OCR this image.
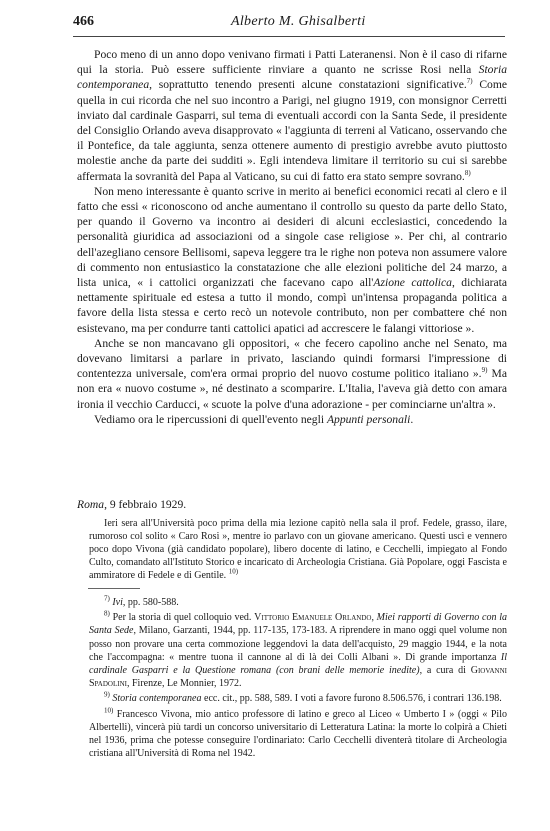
466	Alberto M. Ghisalberti

Poco meno di un anno dopo venivano firmati i Patti Lateranensi. Non è il caso di rifarne qui la storia. Può essere sufficiente rinviare a quanto ne scrisse Rosi nella Storia contemporanea, soprattutto tenendo presenti alcune constatazioni significative.$^{7)}$ Come quella in cui ricorda che nel suo incontro a Parigi, nel giugno 1919, con monsignor Cerretti inviato dal cardinale Gasparri, sul tema di eventuali accordi con la Santa Sede, il presidente del Consiglio Orlando aveva disapprovato « l'aggiunta di terreni al Vaticano, osservando che il Pontefice, da tale aggiunta, senza ottenere aumento di prestigio avrebbe avuto piuttosto molestie anche da parte dei sudditi ». Egli intendeva limitare il territorio su cui si sarebbe affermata la sovranità del Papa al Vaticano, su cui di fatto era stato sempre sovrano.$^{8)}$

Non meno interessante è quanto scrive in merito ai benefici economici recati al clero e il fatto che essi « riconoscono od anche aumentano il controllo su questo da parte dello Stato, per quando il Governo va incontro ai desideri di alcuni ecclesiastici, concedendo la personalità giuridica ad associazioni od a singole case religiose ». Per chi, al contrario dell'azegliano censore Bellisomi, sapeva leggere tra le righe non poteva non assumere valore di commento non entusiastico la constatazione che alle elezioni politiche del 24 marzo, a lista unica, « i cattolici organizzati che facevano capo all'Azione cattolica, dichiarata nettamente spirituale ed estesa a tutto il mondo, compì un'intensa propaganda politica a favore della lista stessa e certo recò un notevole contributo, non per combattere ché non esistevano, ma per condurre tanti cattolici apatici ad accrescere le falangi vittoriose ».

Anche se non mancavano gli oppositori, « che fecero capolino anche nel Senato, ma dovevano limitarsi a parlare in privato, lasciando quindi formarsi l'impressione di contentezza universale, com'era ormai proprio del nuovo costume politico italiano ».$^{9)}$ Ma non era « nuovo costume », né destinato a scomparire. L'Italia, l'aveva già detto con amara ironia il vecchio Carducci, « scuote la polve d'una adorazione - per cominciarne un'altra ».

Vediamo ora le ripercussioni di quell'evento negli Appunti personali.

Roma, 9 febbraio 1929.

Ieri sera all'Università poco prima della mia lezione capitò nella sala il prof. Fedele, grasso, ilare, rumoroso col solito « Caro Rosi », mentre io parlavo con un giovane americano. Questi uscì e vennero poco dopo Vivona (già candidato popolare), libero docente di latino, e Cecchelli, impiegato al Fondo Culto, comandato all'Istituto Storico e incaricato di Archeologia Cristiana. Già Popolare, oggi Fascista e ammiratore di Fedele e di Gentile. $^{10)}$

$^{7)}$ Ivi, pp. 580-588.

$^{8)}$ Per la storia di quel colloquio ved. Vittorio Emanuele Orlando, Miei rapporti di Governo con la Santa Sede, Milano, Garzanti, 1944, pp. 117-135, 173-183. A riprendere in mano oggi quel volume non posso non provare una certa commozione leggendovi la data dell'acquisto, 29 maggio 1944, e la nota che l'accompagna: « mentre tuona il cannone al di là dei Colli Albani ». Di grande importanza Il cardinale Gasparri e la Questione romana (con brani delle memorie inedite), a cura di Giovanni Spadolini, Firenze, Le Monnier, 1972.

$^{9)}$ Storia contemporanea ecc. cit., pp. 588, 589. I voti a favore furono 8.506.576, i contrari 136.198.

$^{10)}$ Francesco Vivona, mio antico professore di latino e greco al Liceo « Umberto I » (oggi « Pilo Albertelli), vincerà più tardi un concorso universitario di Letteratura Latina: la morte lo colpirà a Chieti nel 1936, prima che potesse conseguire l'ordinariato: Carlo Cecchelli diventerà titolare di Archeologia cristiana all'Università di Roma nel 1942.
